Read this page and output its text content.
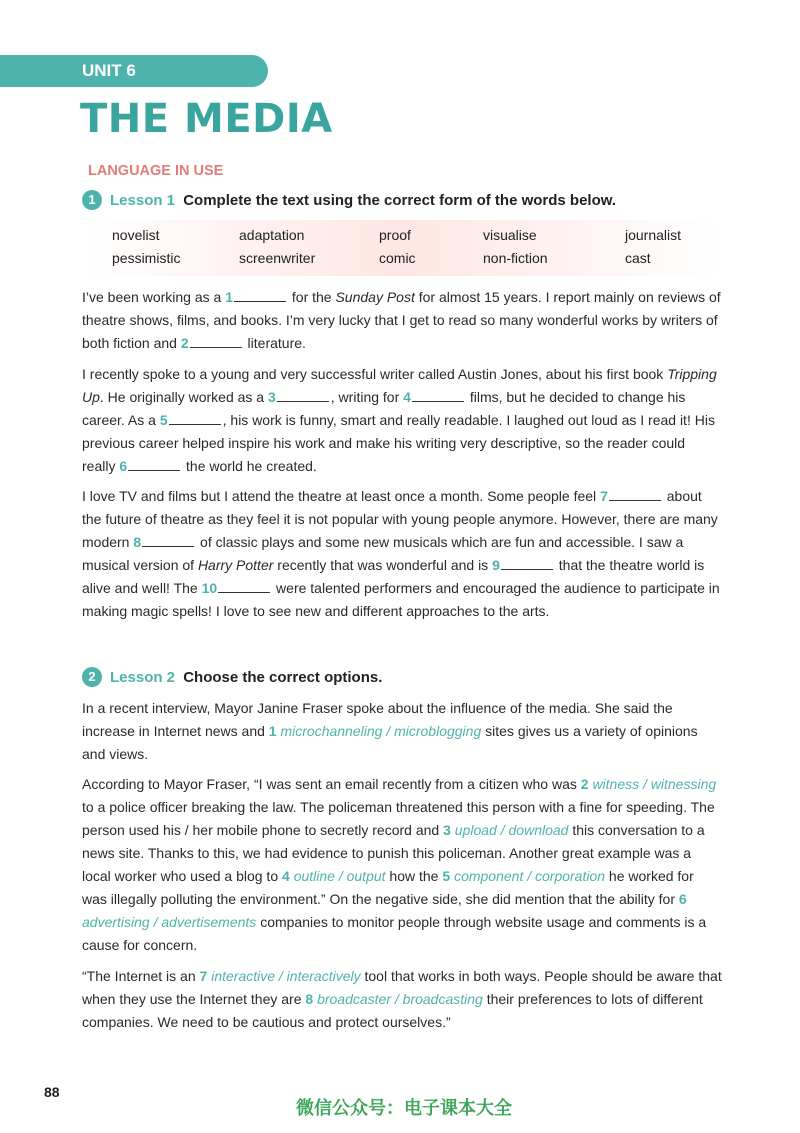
UNIT 6
THE MEDIA
LANGUAGE IN USE
1 Lesson 1 Complete the text using the correct form of the words below.
novelist	adaptation	proof	visualise	journalist
pessimistic	screenwriter	comic	non-fiction	cast

I’ve been working as a 1	for the Sunday Post for almost 15 years. I report mainly on reviews of theatre shows, films, and books. I’m very lucky that I get to read so many wonderful works by writers of both fiction and 2	literature.

I recently spoke to a young and very successful writer called Austin Jones, about his first book Tripping Up. He originally worked as a 3	, writing for 4	films, but he decided to change his career. As a 5	, his work is funny, smart and really readable. I laughed out loud as I read it! His previous career helped inspire his work and make his writing very descriptive, so the reader could really 6	the world he created.

I love TV and films but I attend the theatre at least once a month. Some people feel 7	about the future of theatre as they feel it is not popular with young people anymore. However, there are many modern 8	of classic plays and some new musicals which are fun and accessible. I saw a musical version of Harry Potter recently that was wonderful and is 9	that the theatre world is alive and well! The 10	were talented performers and encouraged the audience to participate in making magic spells! I love to see new and different approaches to the arts.

2 Lesson 2 Choose the correct options.

In a recent interview, Mayor Janine Fraser spoke about the influence of the media. She said the increase in Internet news and 1 microchanneling / microblogging sites gives us a variety of opinions and views.

According to Mayor Fraser, “I was sent an email recently from a citizen who was 2 witness / witnessing to a police officer breaking the law. The policeman threatened this person with a fine for speeding. The person used his / her mobile phone to secretly record and 3 upload / download this conversation to a news site. Thanks to this, we had evidence to punish this policeman. Another great example was a local worker who used a blog to 4 outline / output how the 5 component / corporation he worked for was illegally polluting the environment.” On the negative side, she did mention that the ability for 6 advertising / advertisements companies to monitor people through website usage and comments is a cause for concern.

“The Internet is an 7 interactive / interactively tool that works in both ways. People should be aware that when they use the Internet they are 8 broadcaster / broadcasting their preferences to lots of different companies. We need to be cautious and protect ourselves.”

88
微信公众号：电子课本大全
